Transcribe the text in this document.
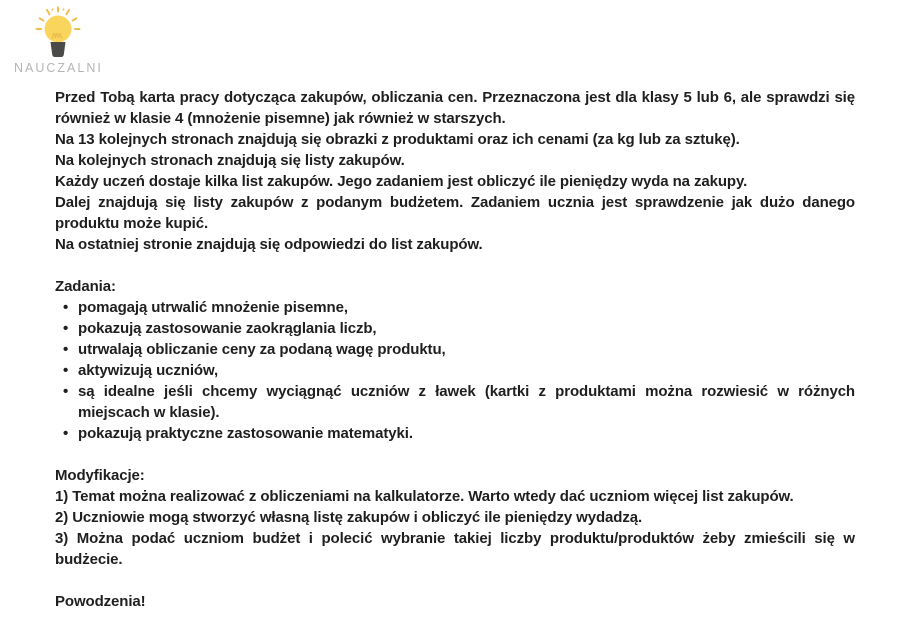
NAUCZALNI

Przed Tobą karta pracy dotycząca zakupów, obliczania cen. Przeznaczona jest dla klasy 5 lub 6, ale sprawdzi się również w klasie 4 (mnożenie pisemne) jak również w starszych.

Na 13 kolejnych stronach znajdują się obrazki z produktami oraz ich cenami (za kg lub za sztukę).

Na kolejnych stronach znajdują się listy zakupów.

Każdy uczeń dostaje kilka list zakupów. Jego zadaniem jest obliczyć ile pieniędzy wyda na zakupy.

Dalej znajdują się listy zakupów z podanym budżetem. Zadaniem ucznia jest sprawdzenie jak dużo danego produktu może kupić.

Na ostatniej stronie znajdują się odpowiedzi do list zakupów.

Zadania:

• pomagają utrwalić mnożenie pisemne,
• pokazują zastosowanie zaokrąglania liczb,
• utrwalają obliczanie ceny za podaną wagę produktu,
• aktywizują uczniów,
• są idealne jeśli chcemy wyciągnąć uczniów z ławek (kartki z produktami można rozwiesić w różnych miejscach w klasie).
• pokazują praktyczne zastosowanie matematyki.

Modyfikacje:

1) Temat można realizować z obliczeniami na kalkulatorze. Warto wtedy dać uczniom więcej list zakupów.

2) Uczniowie mogą stworzyć własną listę zakupów i obliczyć ile pieniędzy wydadzą.

3) Można podać uczniom budżet i polecić wybranie takiej liczby produktu/produktów żeby zmieścili się w budżecie.

Powodzenia!
